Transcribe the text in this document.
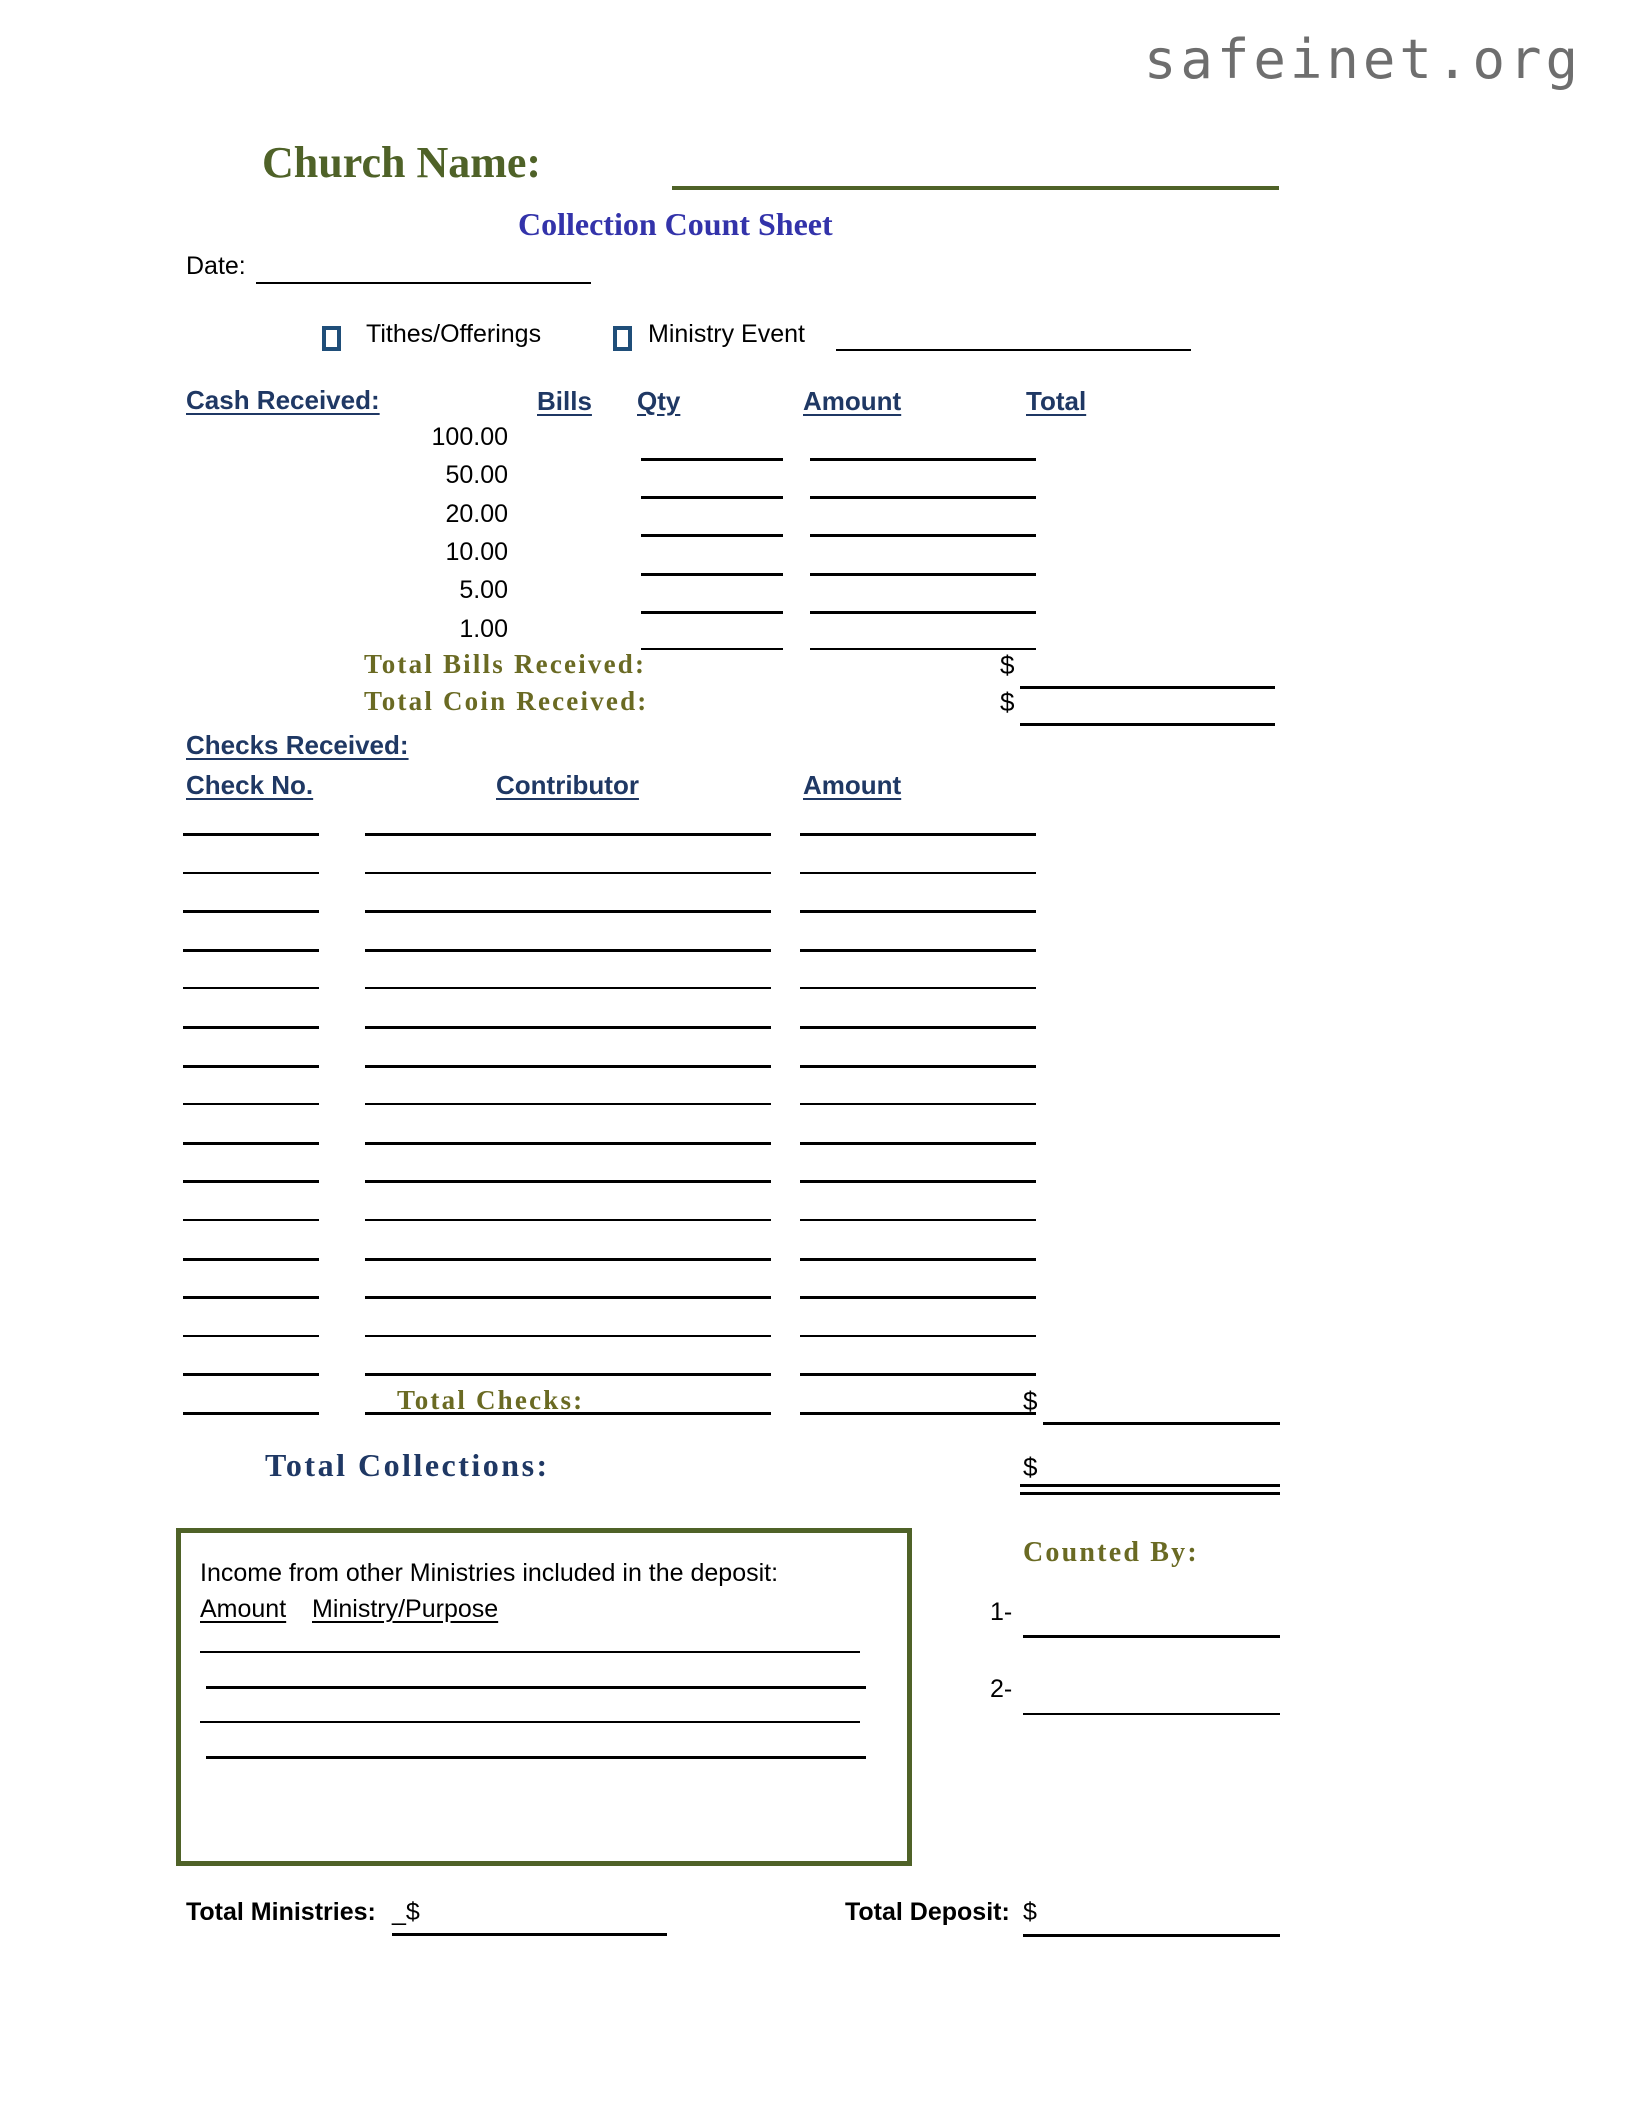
safeinet.org
Church Name:
Collection Count Sheet
Date:
Tithes/Offerings	Ministry Event
Cash Received:	Bills Qty	Amount	Total
100.00
50.00
20.00
10.00
5.00
1.00
Total Bills Received:	$
Total Coin Received:	$
Checks Received:
Check No.	Contributor	Amount
Total Checks:	$
Total Collections:	$
Income from other Ministries included in the deposit:
Amount Ministry/Purpose
Counted By:
1-
2-
Total Ministries: _$	Total Deposit: $
